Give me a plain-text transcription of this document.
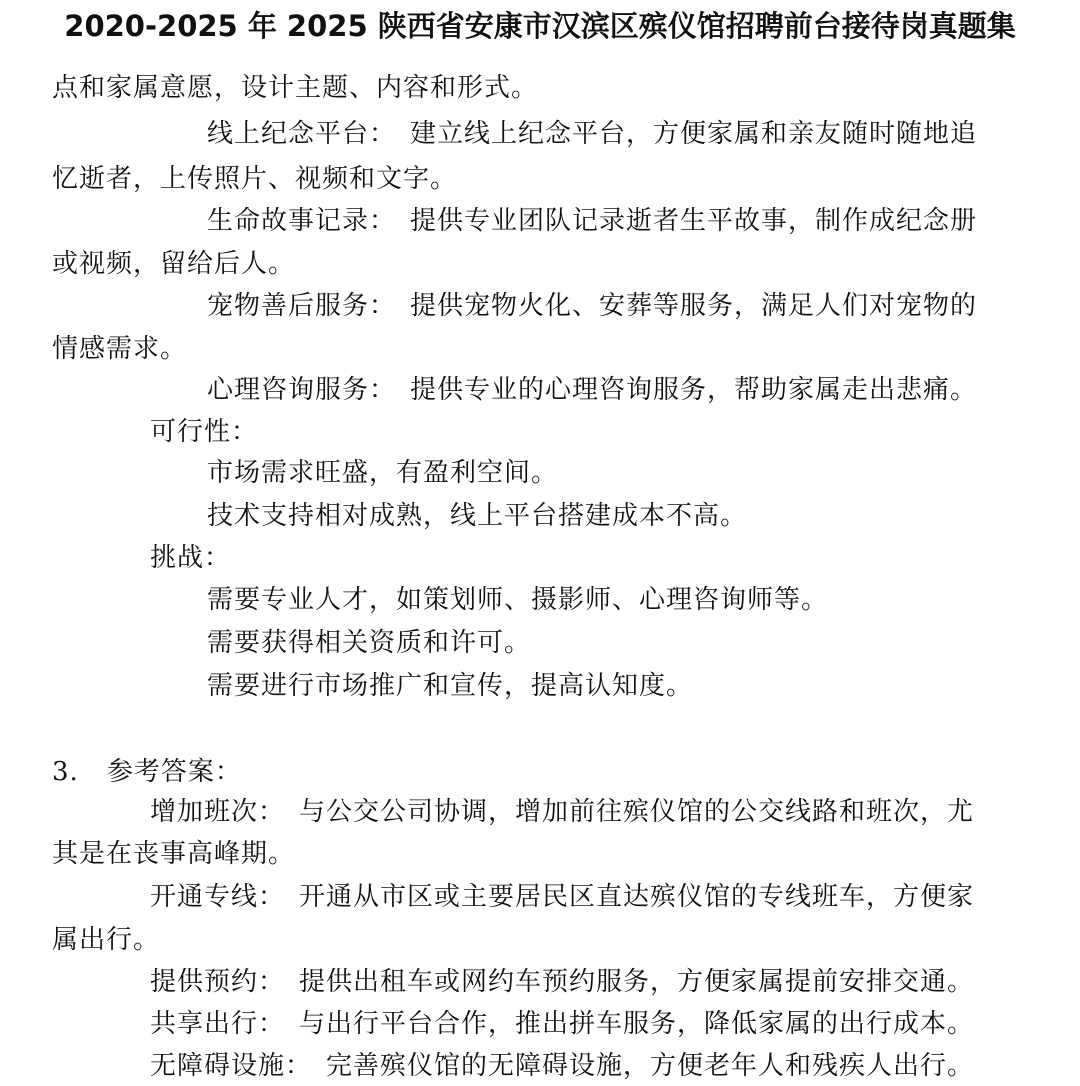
2020-2025 年 2025 陕西省安康市汉滨区殡仪馆招聘前台接待岗真题集
点和家属意愿，设计主题、内容和形式。
线上纪念平台： 建立线上纪念平台，方便家属和亲友随时随地追
忆逝者，上传照片、视频和文字。
生命故事记录： 提供专业团队记录逝者生平故事，制作成纪念册
或视频，留给后人。
宠物善后服务： 提供宠物火化、安葬等服务，满足人们对宠物的
情感需求。
心理咨询服务： 提供专业的心理咨询服务，帮助家属走出悲痛。
可行性：
市场需求旺盛，有盈利空间。
技术支持相对成熟，线上平台搭建成本不高。
挑战：
需要专业人才，如策划师、摄影师、心理咨询师等。
需要获得相关资质和许可。
需要进行市场推广和宣传，提高认知度。
3. 参考答案：
增加班次： 与公交公司协调，增加前往殡仪馆的公交线路和班次，尤
其是在丧事高峰期。
开通专线： 开通从市区或主要居民区直达殡仪馆的专线班车，方便家
属出行。
提供预约： 提供出租车或网约车预约服务，方便家属提前安排交通。
共享出行： 与出行平台合作，推出拼车服务，降低家属的出行成本。
无障碍设施： 完善殡仪馆的无障碍设施，方便老年人和残疾人出行。
